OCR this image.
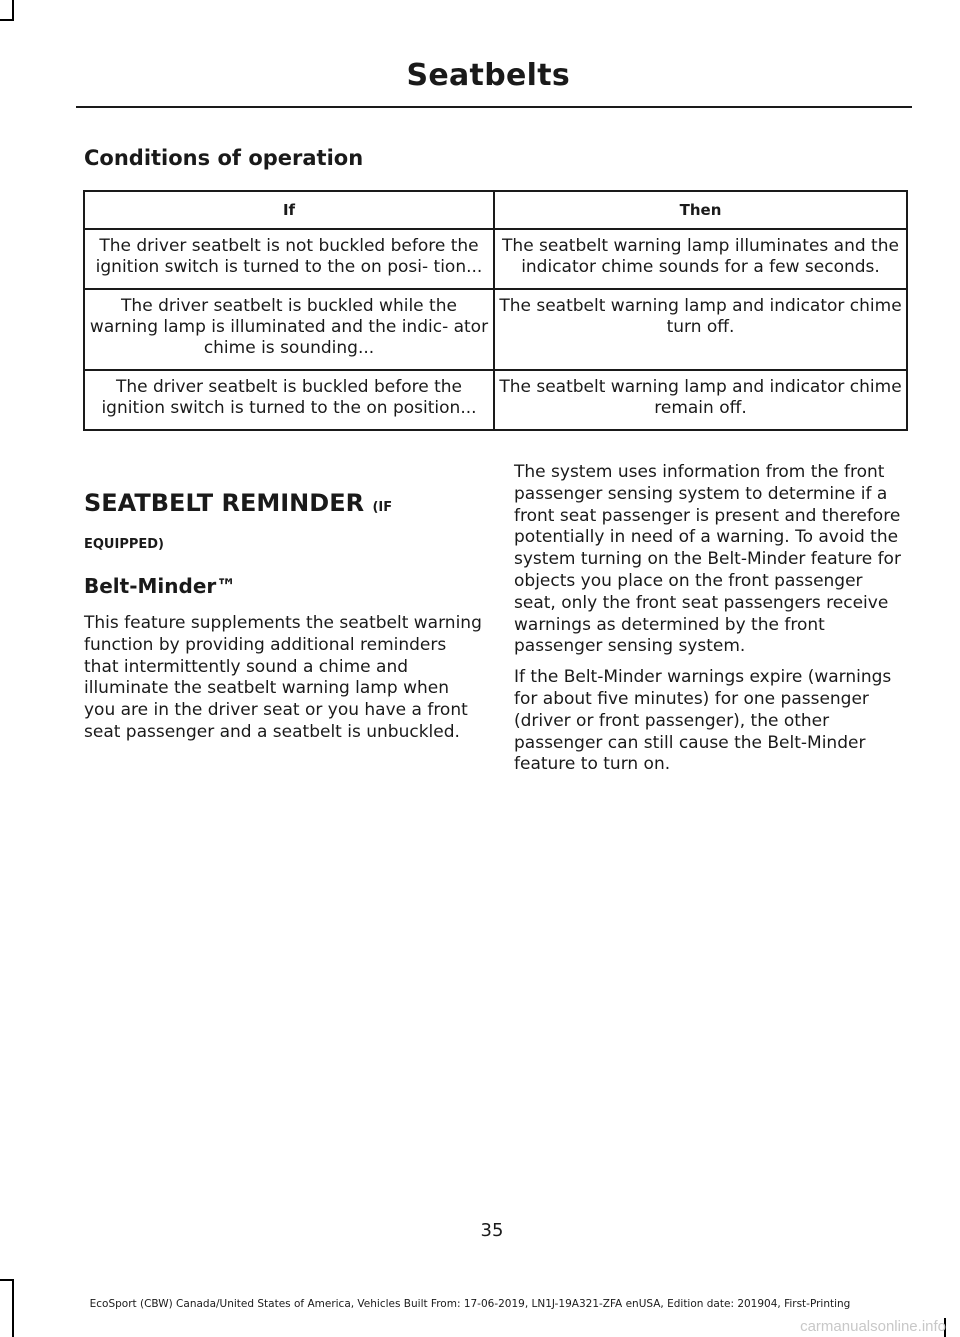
Seatbelts
Conditions of operation
If	Then
The driver seatbelt is not buckled before the ignition switch is turned to the on posi- tion...	The seatbelt warning lamp illuminates and the indicator chime sounds for a few seconds.
The driver seatbelt is buckled while the warning lamp is illuminated and the indic- ator chime is sounding...	The seatbelt warning lamp and indicator chime turn off.
The driver seatbelt is buckled before the ignition switch is turned to the on position...	The seatbelt warning lamp and indicator chime remain off.
SEATBELT REMINDER (IF
EQUIPPED)
Belt-Minder™

This feature supplements the seatbelt warning function by providing additional reminders that intermittently sound a chime and illuminate the seatbelt warning lamp when you are in the driver seat or you have a front seat passenger and a seatbelt is unbuckled.

The system uses information from the front passenger sensing system to determine if a front seat passenger is present and therefore potentially in need of a warning. To avoid the system turning on the Belt-Minder feature for objects you place on the front passenger seat, only the front seat passengers receive warnings as determined by the front passenger sensing system.

If the Belt-Minder warnings expire (warnings for about five minutes) for one passenger (driver or front passenger), the other passenger can still cause the Belt-Minder feature to turn on.

35
EcoSport (CBW) Canada/United States of America, Vehicles Built From: 17-06-2019, LN1J-19A321-ZFA enUSA, Edition date: 201904, First-Printing
carmanualsonline.info
